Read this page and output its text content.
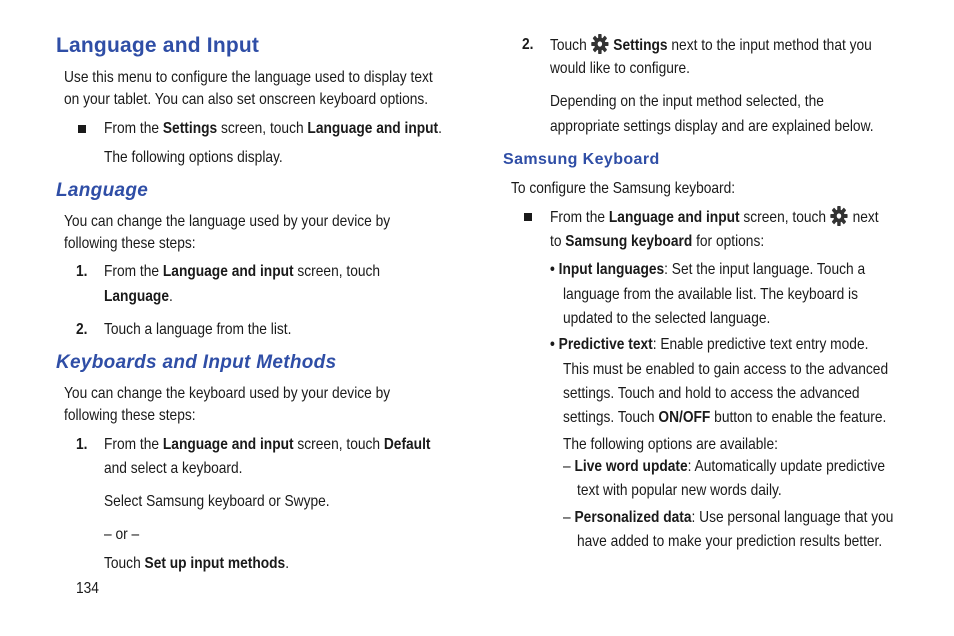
Language and Input
Use this menu to configure the language used to display text
on your tablet. You can also set onscreen keyboard options.
From the Settings screen, touch Language and input.
The following options display.
Language
You can change the language used by your device by
following these steps:
1. From the Language and input screen, touch
Language.
2. Touch a language from the list.
Keyboards and Input Methods
You can change the keyboard used by your device by
following these steps:
1. From the Language and input screen, touch Default
and select a keyboard.
Select Samsung keyboard or Swype.
– or –
Touch Set up input methods.
134
2. Touch  Settings next to the input method that you
would like to configure.
Depending on the input method selected, the
appropriate settings display and are explained below.
Samsung Keyboard
To configure the Samsung keyboard:
From the Language and input screen, touch  next
to Samsung keyboard for options:
• Input languages: Set the input language. Touch a
language from the available list. The keyboard is
updated to the selected language.
• Predictive text: Enable predictive text entry mode.
This must be enabled to gain access to the advanced
settings. Touch and hold to access the advanced
settings. Touch ON/OFF button to enable the feature.
The following options are available:
– Live word update: Automatically update predictive
text with popular new words daily.
– Personalized data: Use personal language that you
have added to make your prediction results better.
